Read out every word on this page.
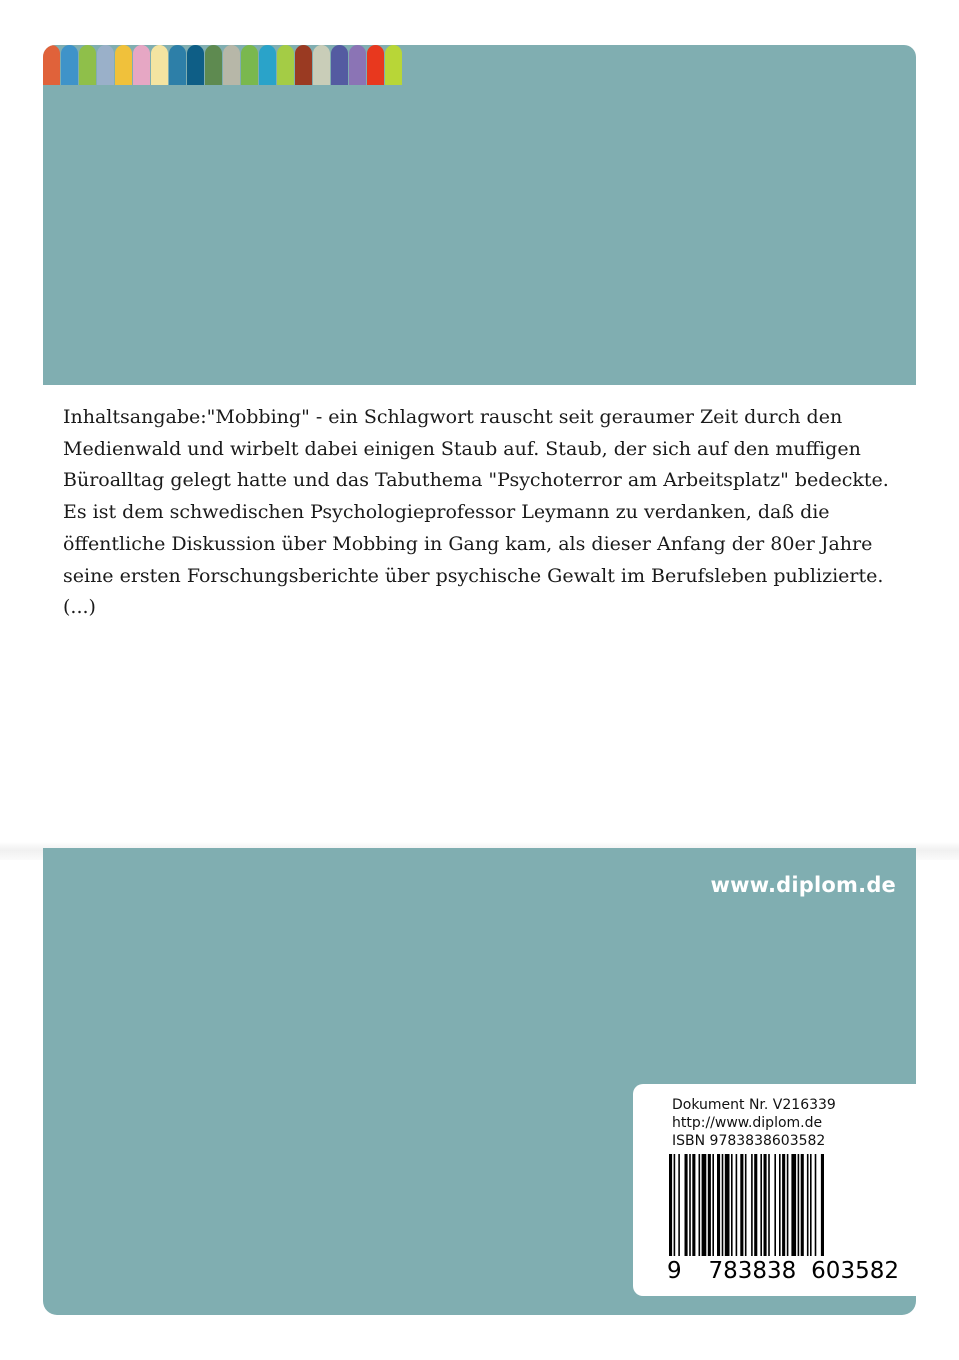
Inhaltsangabe:"Mobbing" - ein Schlagwort rauscht seit geraumer Zeit durch den Medienwald und wirbelt dabei einigen Staub auf. Staub, der sich auf den muffigen Büroalltag gelegt hatte und das Tabuthema "Psychoterror am Arbeitsplatz" bedeckte. Es ist dem schwedischen Psychologieprofessor Leymann zu verdanken, daß die öffentliche Diskussion über Mobbing in Gang kam, als dieser Anfang der 80er Jahre seine ersten Forschungsberichte über psychische Gewalt im Berufsleben publizierte. (...)

www.diplom.de
Dokument Nr. V216339
http://www.diplom.de
ISBN 9783838603582
9 783838 603582
